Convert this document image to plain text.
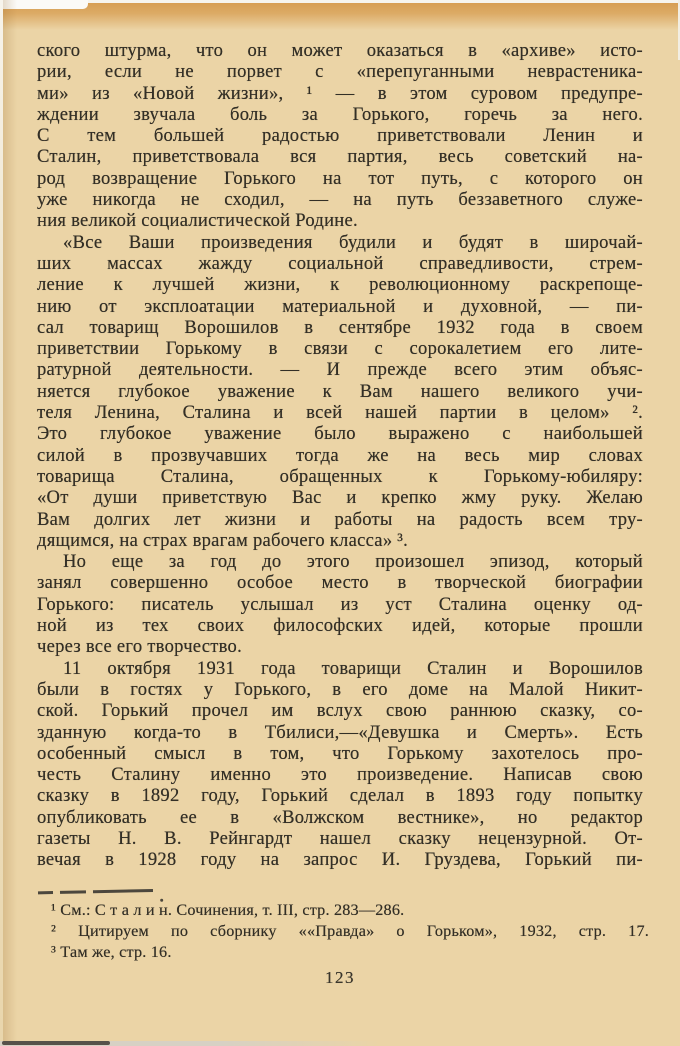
ского штурма, что он может оказаться в «архиве» исто-
рии, если не порвет с «перепуганными неврастеника-
ми» из «Новой жизни», ¹ — в этом суровом предупре-
ждении звучала боль за Горького, горечь за него.
С тем большей радостью приветствовали Ленин и
Сталин, приветствовала вся партия, весь советский на-
род возвращение Горького на тот путь, с которого он
уже никогда не сходил, — на путь беззаветного служе-
ния великой социалистической Родине.
«Все Ваши произведения будили и будят в широчай-
ших массах жажду социальной справедливости, стрем-
ление к лучшей жизни, к революционному раскрепоще-
нию от эксплоатации материальной и духовной, — пи-
сал товарищ Ворошилов в сентябре 1932 года в своем
приветствии Горькому в связи с сорокалетием его лите-
ратурной деятельности. — И прежде всего этим объяс-
няется глубокое уважение к Вам нашего великого учи-
теля Ленина, Сталина и всей нашей партии в целом» ².
Это глубокое уважение было выражено с наибольшей
силой в прозвучавших тогда же на весь мир словах
товарища Сталина, обращенных к Горькому-юбиляру:
«От души приветствую Вас и крепко жму руку. Желаю
Вам долгих лет жизни и работы на радость всем тру-
дящимся, на страх врагам рабочего класса» ³.
Но еще за год до этого произошел эпизод, который
занял совершенно особое место в творческой биографии
Горького: писатель услышал из уст Сталина оценку од-
ной из тех своих философских идей, которые прошли
через все его творчество.
11 октября 1931 года товарищи Сталин и Ворошилов
были в гостях у Горького, в его доме на Малой Никит-
ской. Горький прочел им вслух свою раннюю сказку, со-
зданную когда-то в Тбилиси,—«Девушка и Смерть». Есть
особенный смысл в том, что Горькому захотелось про-
честь Сталину именно это произведение. Написав свою
сказку в 1892 году, Горький сделал в 1893 году попытку
опубликовать ее в «Волжском вестнике», но редактор
газеты Н. В. Рейнгардт нашел сказку нецензурной. От-
вечая в 1928 году на запрос И. Груздева, Горький пи-
¹ См.: С т а л и н. Сочинения, т. III, стр. 283—286.
² Цитируем по сборнику ««Правда» о Горьком», 1932, стр. 17.
³ Там же, стр. 16.
123
